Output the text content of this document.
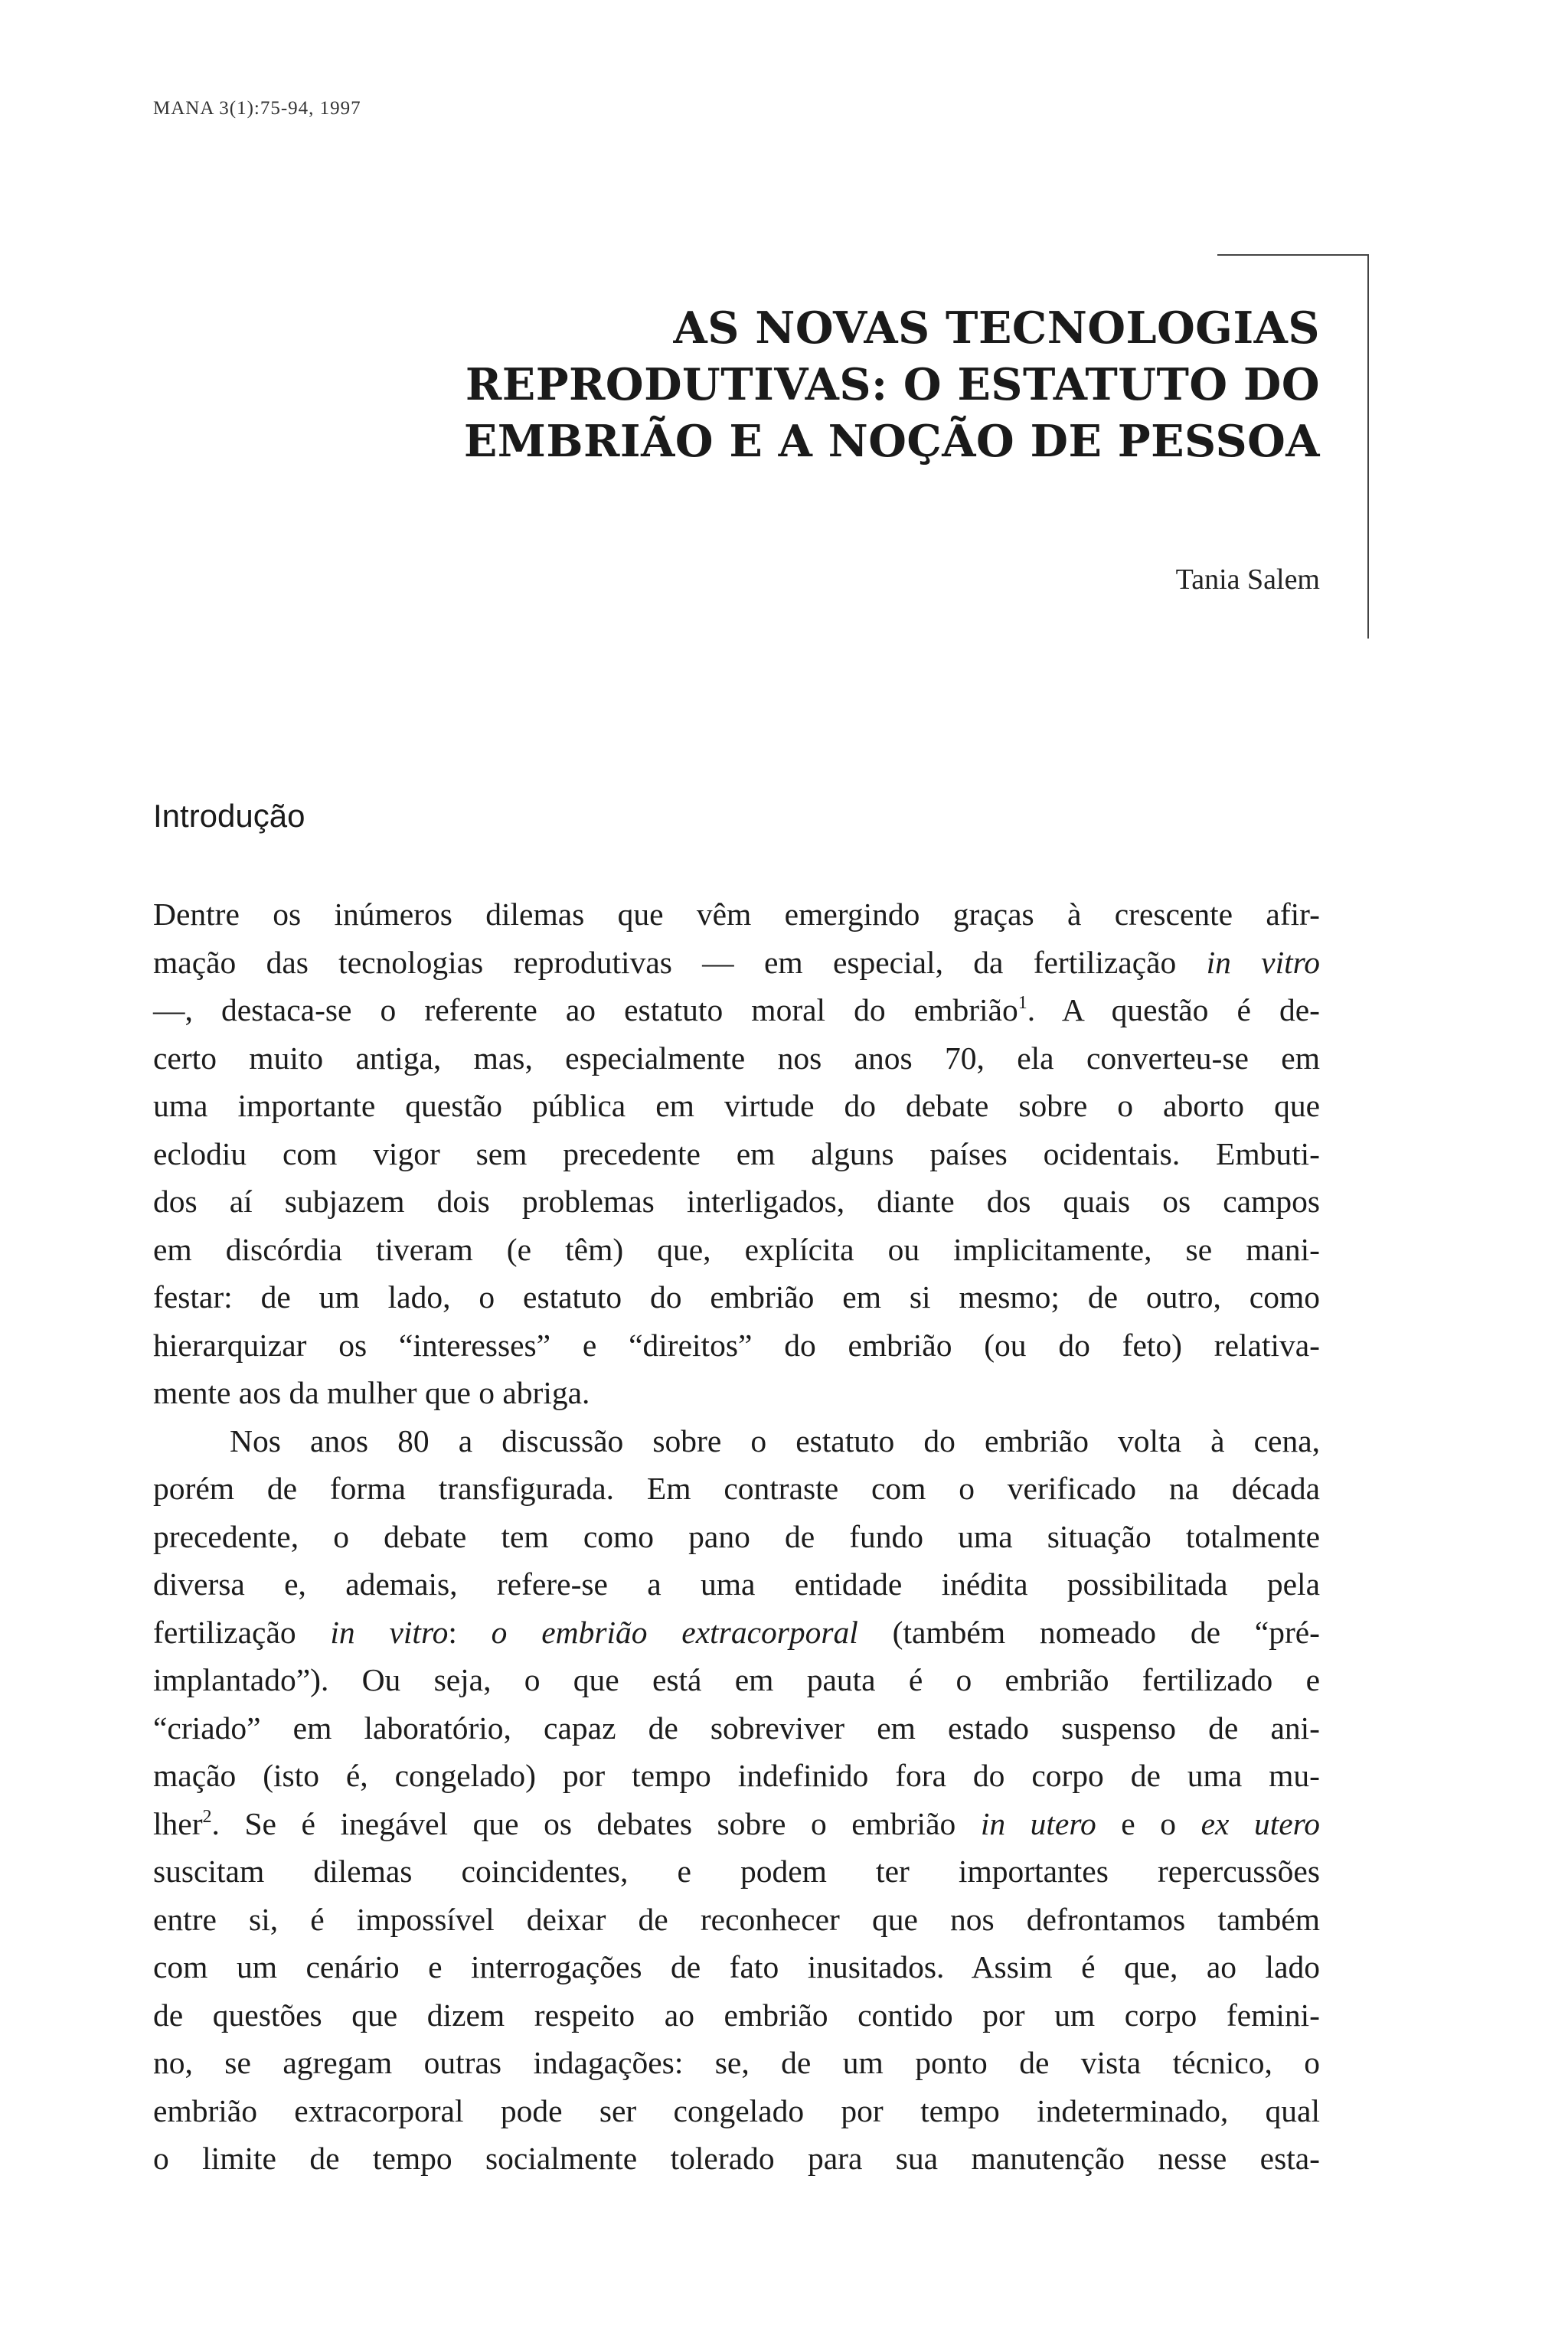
MANA 3(1):75-94, 1997
AS NOVAS TECNOLOGIAS
REPRODUTIVAS: O ESTATUTO DO
EMBRIÃO E A NOÇÃO DE PESSOA
Tania Salem
Introdução
Dentre os inúmeros dilemas que vêm emergindo graças à crescente afir-
mação das tecnologias reprodutivas — em especial, da fertilização in vitro
—, destaca-se o referente ao estatuto moral do embrião$^1$. A questão é de-
certo muito antiga, mas, especialmente nos anos 70, ela converteu-se em
uma importante questão pública em virtude do debate sobre o aborto que
eclodiu com vigor sem precedente em alguns países ocidentais. Embuti-
dos aí subjazem dois problemas interligados, diante dos quais os campos
em discórdia tiveram (e têm) que, explícita ou implicitamente, se mani-
festar: de um lado, o estatuto do embrião em si mesmo; de outro, como
hierarquizar os “interesses” e “direitos” do embrião (ou do feto) relativa-
mente aos da mulher que o abriga.
Nos anos 80 a discussão sobre o estatuto do embrião volta à cena,
porém de forma transfigurada. Em contraste com o verificado na década
precedente, o debate tem como pano de fundo uma situação totalmente
diversa e, ademais, refere-se a uma entidade inédita possibilitada pela
fertilização in vitro: o embrião extracorporal (também nomeado de “pré-
implantado”). Ou seja, o que está em pauta é o embrião fertilizado e
“criado” em laboratório, capaz de sobreviver em estado suspenso de ani-
mação (isto é, congelado) por tempo indefinido fora do corpo de uma mu-
lher$^2$. Se é inegável que os debates sobre o embrião in utero e o ex utero
suscitam dilemas coincidentes, e podem ter importantes repercussões
entre si, é impossível deixar de reconhecer que nos defrontamos também
com um cenário e interrogações de fato inusitados. Assim é que, ao lado
de questões que dizem respeito ao embrião contido por um corpo femini-
no, se agregam outras indagações: se, de um ponto de vista técnico, o
embrião extracorporal pode ser congelado por tempo indeterminado, qual
o limite de tempo socialmente tolerado para sua manutenção nesse esta-
